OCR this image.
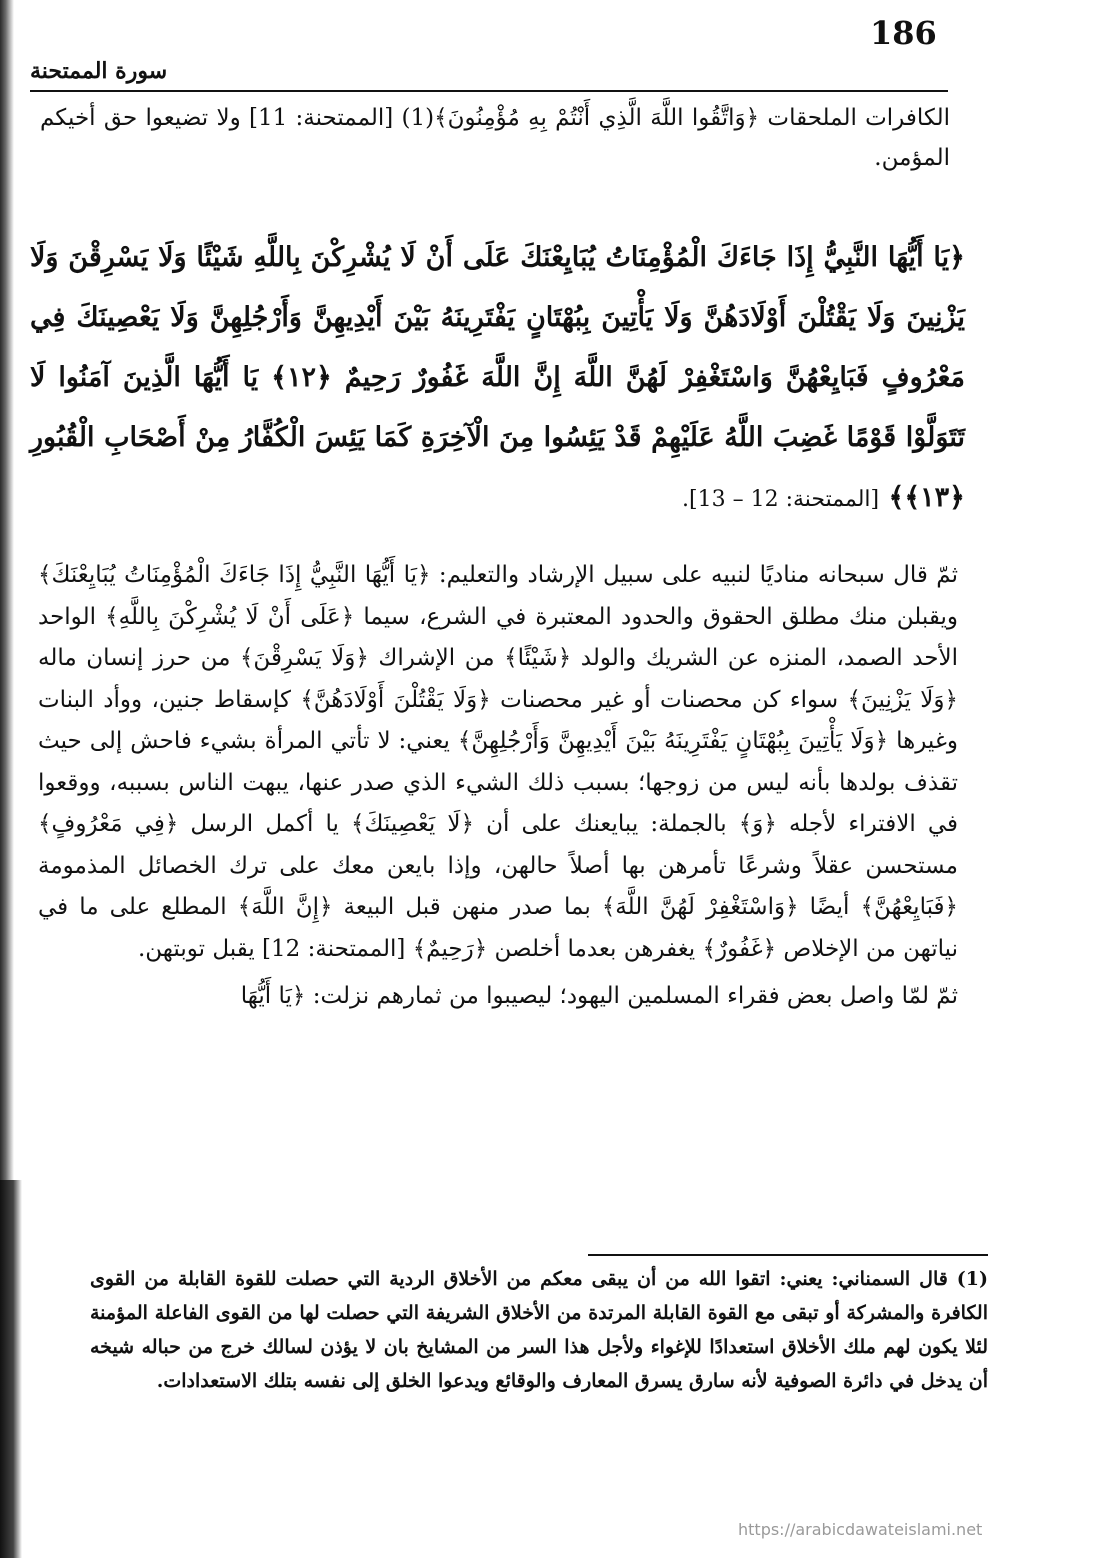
186
سورة الممتحنة
الكافرات الملحقات ﴿وَاتَّقُوا اللَّهَ الَّذِي أَنْتُمْ بِهِ مُؤْمِنُونَ﴾(1) [الممتحنة: 11] ولا تضيعوا حق أخيكم المؤمن.
﴿يَا أَيُّهَا النَّبِيُّ إِذَا جَاءَكَ الْمُؤْمِنَاتُ يُبَايِعْنَكَ عَلَى أَنْ لَا يُشْرِكْنَ بِاللَّهِ شَيْئًا وَلَا يَسْرِقْنَ وَلَا يَزْنِينَ وَلَا يَقْتُلْنَ أَوْلَادَهُنَّ وَلَا يَأْتِينَ بِبُهْتَانٍ يَفْتَرِينَهُ بَيْنَ أَيْدِيهِنَّ وَأَرْجُلِهِنَّ وَلَا يَعْصِينَكَ فِي مَعْرُوفٍ فَبَايِعْهُنَّ وَاسْتَغْفِرْ لَهُنَّ اللَّهَ إِنَّ اللَّهَ غَفُورٌ رَحِيمٌ ﴿١٢﴾ يَا أَيُّهَا الَّذِينَ آمَنُوا لَا تَتَوَلَّوْا قَوْمًا غَضِبَ اللَّهُ عَلَيْهِمْ قَدْ يَئِسُوا مِنَ الْآخِرَةِ كَمَا يَئِسَ الْكُفَّارُ مِنْ أَصْحَابِ الْقُبُورِ ﴿١٣﴾﴾ [الممتحنة: 12 – 13].

ثمّ قال سبحانه مناديًا لنبيه على سبيل الإرشاد والتعليم: ﴿يَا أَيُّهَا النَّبِيُّ إِذَا جَاءَكَ الْمُؤْمِنَاتُ يُبَايِعْنَكَ﴾ ويقبلن منك مطلق الحقوق والحدود المعتبرة في الشرع، سيما ﴿عَلَى أَنْ لَا يُشْرِكْنَ بِاللَّهِ﴾ الواحد الأحد الصمد، المنزه عن الشريك والولد ﴿شَيْئًا﴾ من الإشراك ﴿وَلَا يَسْرِقْنَ﴾ من حرز إنسان ماله ﴿وَلَا يَزْنِينَ﴾ سواء كن محصنات أو غير محصنات ﴿وَلَا يَقْتُلْنَ أَوْلَادَهُنَّ﴾ كإسقاط جنين، ووأد البنات وغيرها ﴿وَلَا يَأْتِينَ بِبُهْتَانٍ يَفْتَرِينَهُ بَيْنَ أَيْدِيهِنَّ وَأَرْجُلِهِنَّ﴾ يعني: لا تأتي المرأة بشيء فاحش إلى حيث تقذف بولدها بأنه ليس من زوجها؛ بسبب ذلك الشيء الذي صدر عنها، يبهت الناس بسببه، ووقعوا في الافتراء لأجله ﴿وَ﴾ بالجملة: يبايعنك على أن ﴿لَا يَعْصِينَكَ﴾ يا أكمل الرسل ﴿فِي مَعْرُوفٍ﴾ مستحسن عقلاً وشرعًا تأمرهن بها أصلاً حالهن، وإذا بايعن معك على ترك الخصائل المذمومة ﴿فَبَايِعْهُنَّ﴾ أيضًا ﴿وَاسْتَغْفِرْ لَهُنَّ اللَّهَ﴾ بما صدر منهن قبل البيعة ﴿إِنَّ اللَّهَ﴾ المطلع على ما في نياتهن من الإخلاص ﴿غَفُورٌ﴾ يغفرهن بعدما أخلصن ﴿رَحِيمٌ﴾ [الممتحنة: 12] يقبل توبتهن.

ثمّ لمّا واصل بعض فقراء المسلمين اليهود؛ ليصيبوا من ثمارهم نزلت: ﴿يَا أَيُّهَا

(1) قال السمناني: يعني: اتقوا الله من أن يبقى معكم من الأخلاق الردية التي حصلت للقوة القابلة من القوى الكافرة والمشركة أو تبقى مع القوة القابلة المرتدة من الأخلاق الشريفة التي حصلت لها من القوى الفاعلة المؤمنة لئلا يكون لهم ملك الأخلاق استعدادًا للإغواء ولأجل هذا السر من المشايخ بان لا يؤذن لسالك خرج من حباله شيخه أن يدخل في دائرة الصوفية لأنه سارق يسرق المعارف والوقائع ويدعوا الخلق إلى نفسه بتلك الاستعدادات.
https://arabicdawateislami.net
